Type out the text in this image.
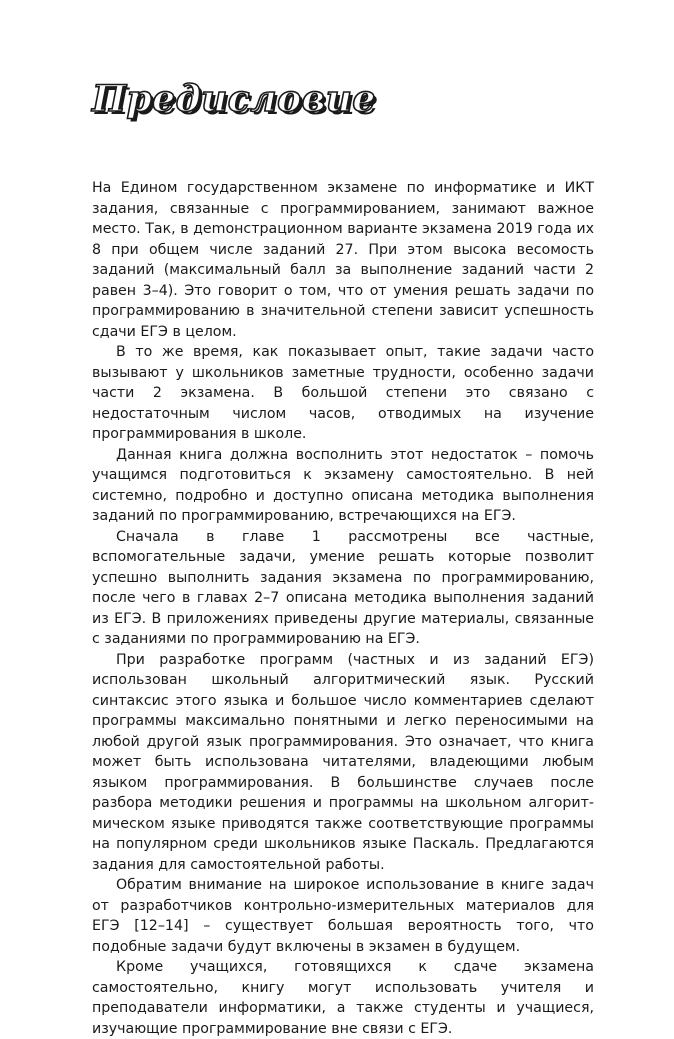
Предисловие

На Едином государственном экзамене по информатике и ИКТ задания, связанные с программированием, занимают важное место. Так, в деmонстрационном варианте экзамена 2019 года их 8 при общем числе заданий 27. При этом высока весомость заданий (максимальный балл за выполнение заданий части 2 равен 3–4). Это говорит о том, что от умения решать задачи по программированию в значительной степени зависит успешность сдачи ЕГЭ в целом.

В то же время, как показывает опыт, такие задачи часто вызывают у школьников заметные трудности, особенно задачи части 2 экзамена. В большой степени это связано с недостаточным числом часов, отводимых на изучение программирования в школе.

Данная книга должна восполнить этот недостаток – помочь учащимся подготовиться к экзамену самостоятельно. В ней системно, подробно и доступно описана методика выполнения заданий по программированию, встречающихся на ЕГЭ.

Сначала в главе 1 рассмотрены все частные, вспомогательные задачи, умение решать которые позволит успешно выполнить задания экзамена по программированию, после чего в главах 2–7 описана методика выполнения заданий из ЕГЭ. В приложениях приведены другие материалы, связанные с заданиями по программированию на ЕГЭ.

При разработке программ (частных и из заданий ЕГЭ) использован школьный алгоритмический язык. Русский синтаксис этого языка и большое число комментариев сделают программы максимально понятными и легко переносимыми на любой другой язык программирования. Это означает, что книга может быть использована читателями, владеющими любым языком программирования. В большинстве случаев после разбора методики решения и программы на школьном алгоритмическом языке приводятся также соответствующие программы на популярном среди школьников языке Паскаль. Предлагаются задания для самостоятельной работы.

Обратим внимание на широкое использование в книге задач от разработчиков контрольно-измерительных материалов для ЕГЭ [12–14] – существует большая вероятность того, что подобные задачи будут включены в экзамен в будущем.

Кроме учащихся, готовящихся к сдаче экзамена самостоятельно, книгу могут использовать учителя и преподаватели информатики, а также студенты и учащиеся, изучающие программирование вне связи с ЕГЭ.
